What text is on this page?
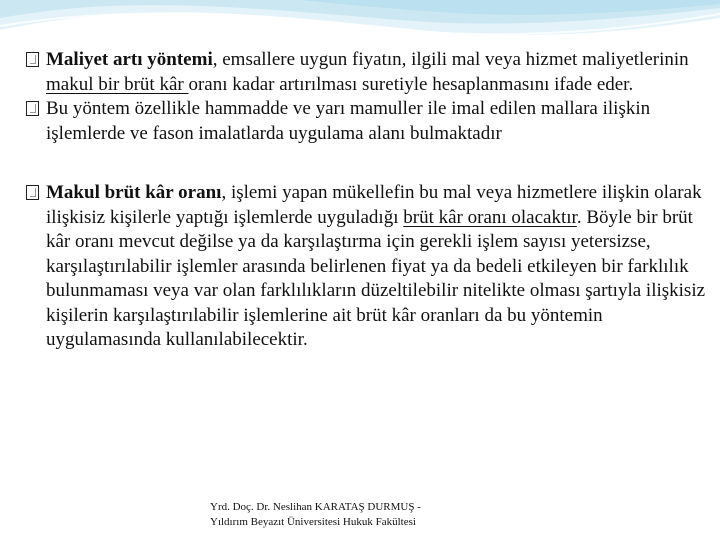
Maliyet artı yöntemi, emsallere uygun fiyatın, ilgili mal veya hizmet maliyetlerinin makul bir brüt kâr oranı kadar artırılması suretiyle hesaplanmasını ifade eder.

Bu yöntem özellikle hammadde ve yarı mamuller ile imal edilen mallara ilişkin işlemlerde ve fason imalatlarda uygulama alanı bulmaktadır

Makul brüt kâr oranı, işlemi yapan mükellefin bu mal veya hizmetlere ilişkin olarak ilişkisiz kişilerle yaptığı işlemlerde uyguladığı brüt kâr oranı olacaktır. Böyle bir brüt kâr oranı mevcut değilse ya da karşılaştırma için gerekli işlem sayısı yetersizse, karşılaştırılabilir işlemler arasında belirlenen fiyat ya da bedeli etkileyen bir farklılık bulunmaması veya var olan farklılıkların düzeltilebilir nitelikte olması şartıyla ilişkisiz kişilerin karşılaştırılabilir işlemlerine ait brüt kâr oranları da bu yöntemin uygulamasında kullanılabilecektir.

Yrd. Doç. Dr. Neslihan KARATAŞ DURMUŞ -
Yıldırım Beyazıt Üniversitesi Hukuk Fakültesi
